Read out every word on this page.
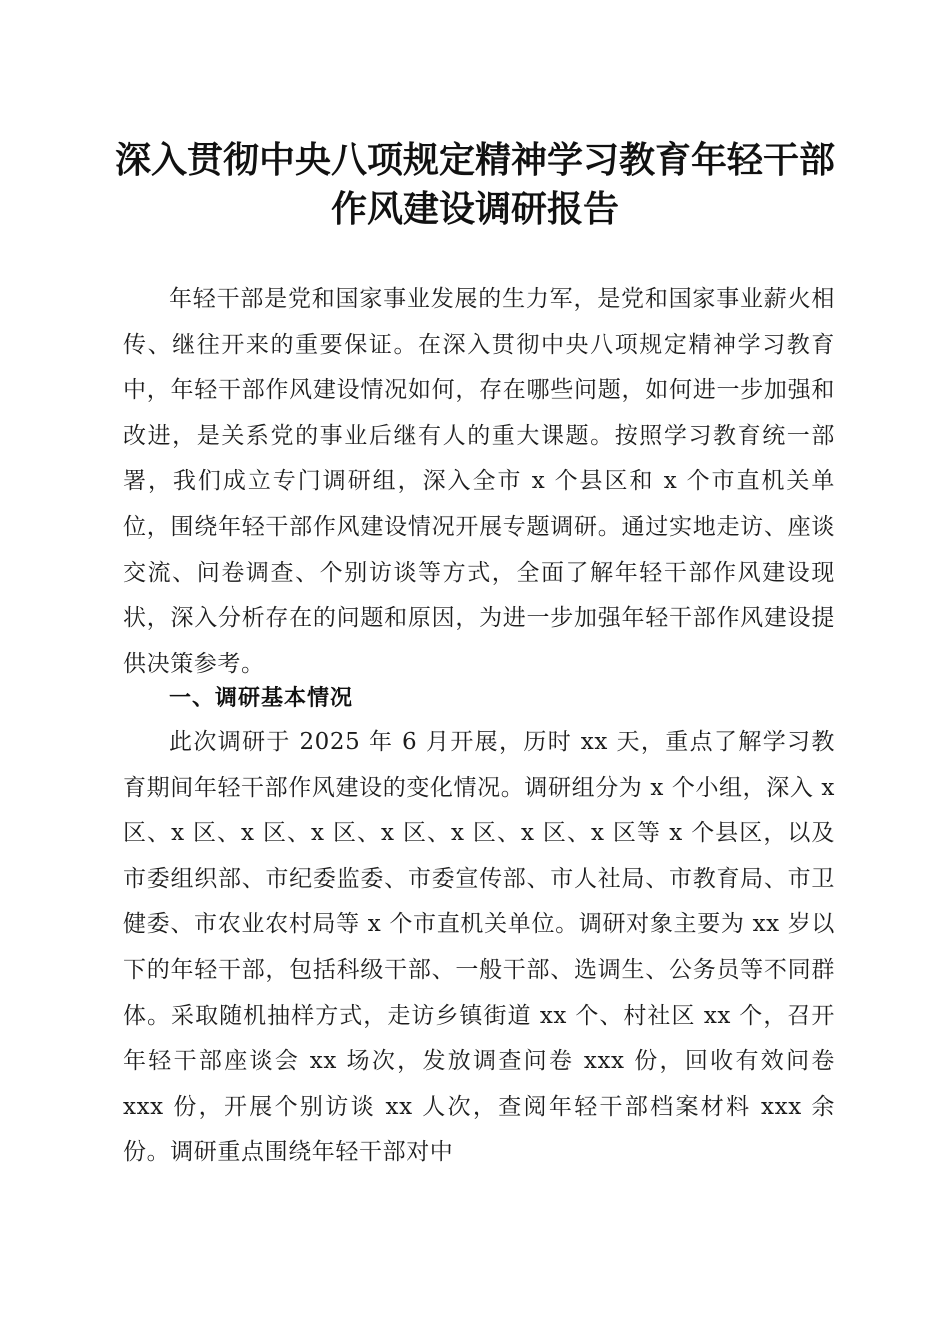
深入贯彻中央八项规定精神学习教育年轻干部
作风建设调研报告

年轻干部是党和国家事业发展的生力军，是党和国家事业薪火相传、继往开来的重要保证。在深入贯彻中央八项规定精神学习教育中，年轻干部作风建设情况如何，存在哪些问题，如何进一步加强和改进，是关系党的事业后继有人的重大课题。按照学习教育统一部署，我们成立专门调研组，深入全市 x 个县区和 x 个市直机关单位，围绕年轻干部作风建设情况开展专题调研。通过实地走访、座谈交流、问卷调查、个别访谈等方式，全面了解年轻干部作风建设现状，深入分析存在的问题和原因，为进一步加强年轻干部作风建设提供决策参考。

一、调研基本情况

此次调研于 2025 年 6 月开展，历时 xx 天，重点了解学习教育期间年轻干部作风建设的变化情况。调研组分为 x 个小组，深入 x 区、x 区、x 区、x 区、x 区、x 区、x 区、x 区等 x 个县区，以及市委组织部、市纪委监委、市委宣传部、市人社局、市教育局、市卫健委、市农业农村局等 x 个市直机关单位。调研对象主要为 xx 岁以下的年轻干部，包括科级干部、一般干部、选调生、公务员等不同群体。采取随机抽样方式，走访乡镇街道 xx 个、村社区 xx 个，召开年轻干部座谈会 xx 场次，发放调查问卷 xxx 份，回收有效问卷 xxx 份，开展个别访谈 xx 人次，查阅年轻干部档案材料 xxx 余份。调研重点围绕年轻干部对中
